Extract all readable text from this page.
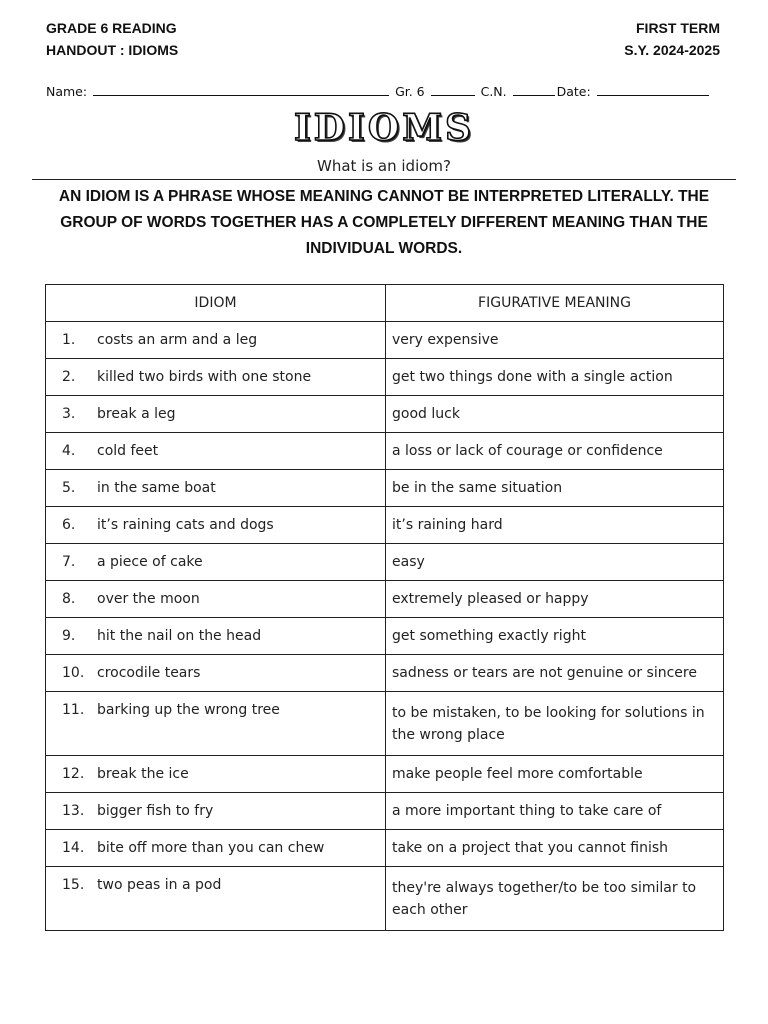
GRADE 6 READING
HANDOUT : IDIOMS
FIRST TERM
S.Y. 2024-2025
Name:	Gr. 6	C.N.	Date:
IDIOMS
What is an idiom?
AN IDIOM IS A PHRASE WHOSE MEANING CANNOT BE INTERPRETED LITERALLY. THE GROUP OF WORDS TOGETHER HAS A COMPLETELY DIFFERENT MEANING THAN THE INDIVIDUAL WORDS.
IDIOM	FIGURATIVE MEANING
1. costs an arm and a leg	very expensive
2. killed two birds with one stone	get two things done with a single action
3. break a leg	good luck
4. cold feet	a loss or lack of courage or confidence
5. in the same boat	be in the same situation
6. it’s raining cats and dogs	it’s raining hard
7. a piece of cake	easy
8. over the moon	extremely pleased or happy
9. hit the nail on the head	get something exactly right
10. crocodile tears	sadness or tears are not genuine or sincere
11. barking up the wrong tree	to be mistaken, to be looking for solutions in the wrong place
12. break the ice	make people feel more comfortable
13. bigger fish to fry	a more important thing to take care of
14. bite off more than you can chew	take on a project that you cannot finish
15. two peas in a pod	they're always together/to be too similar to each other
